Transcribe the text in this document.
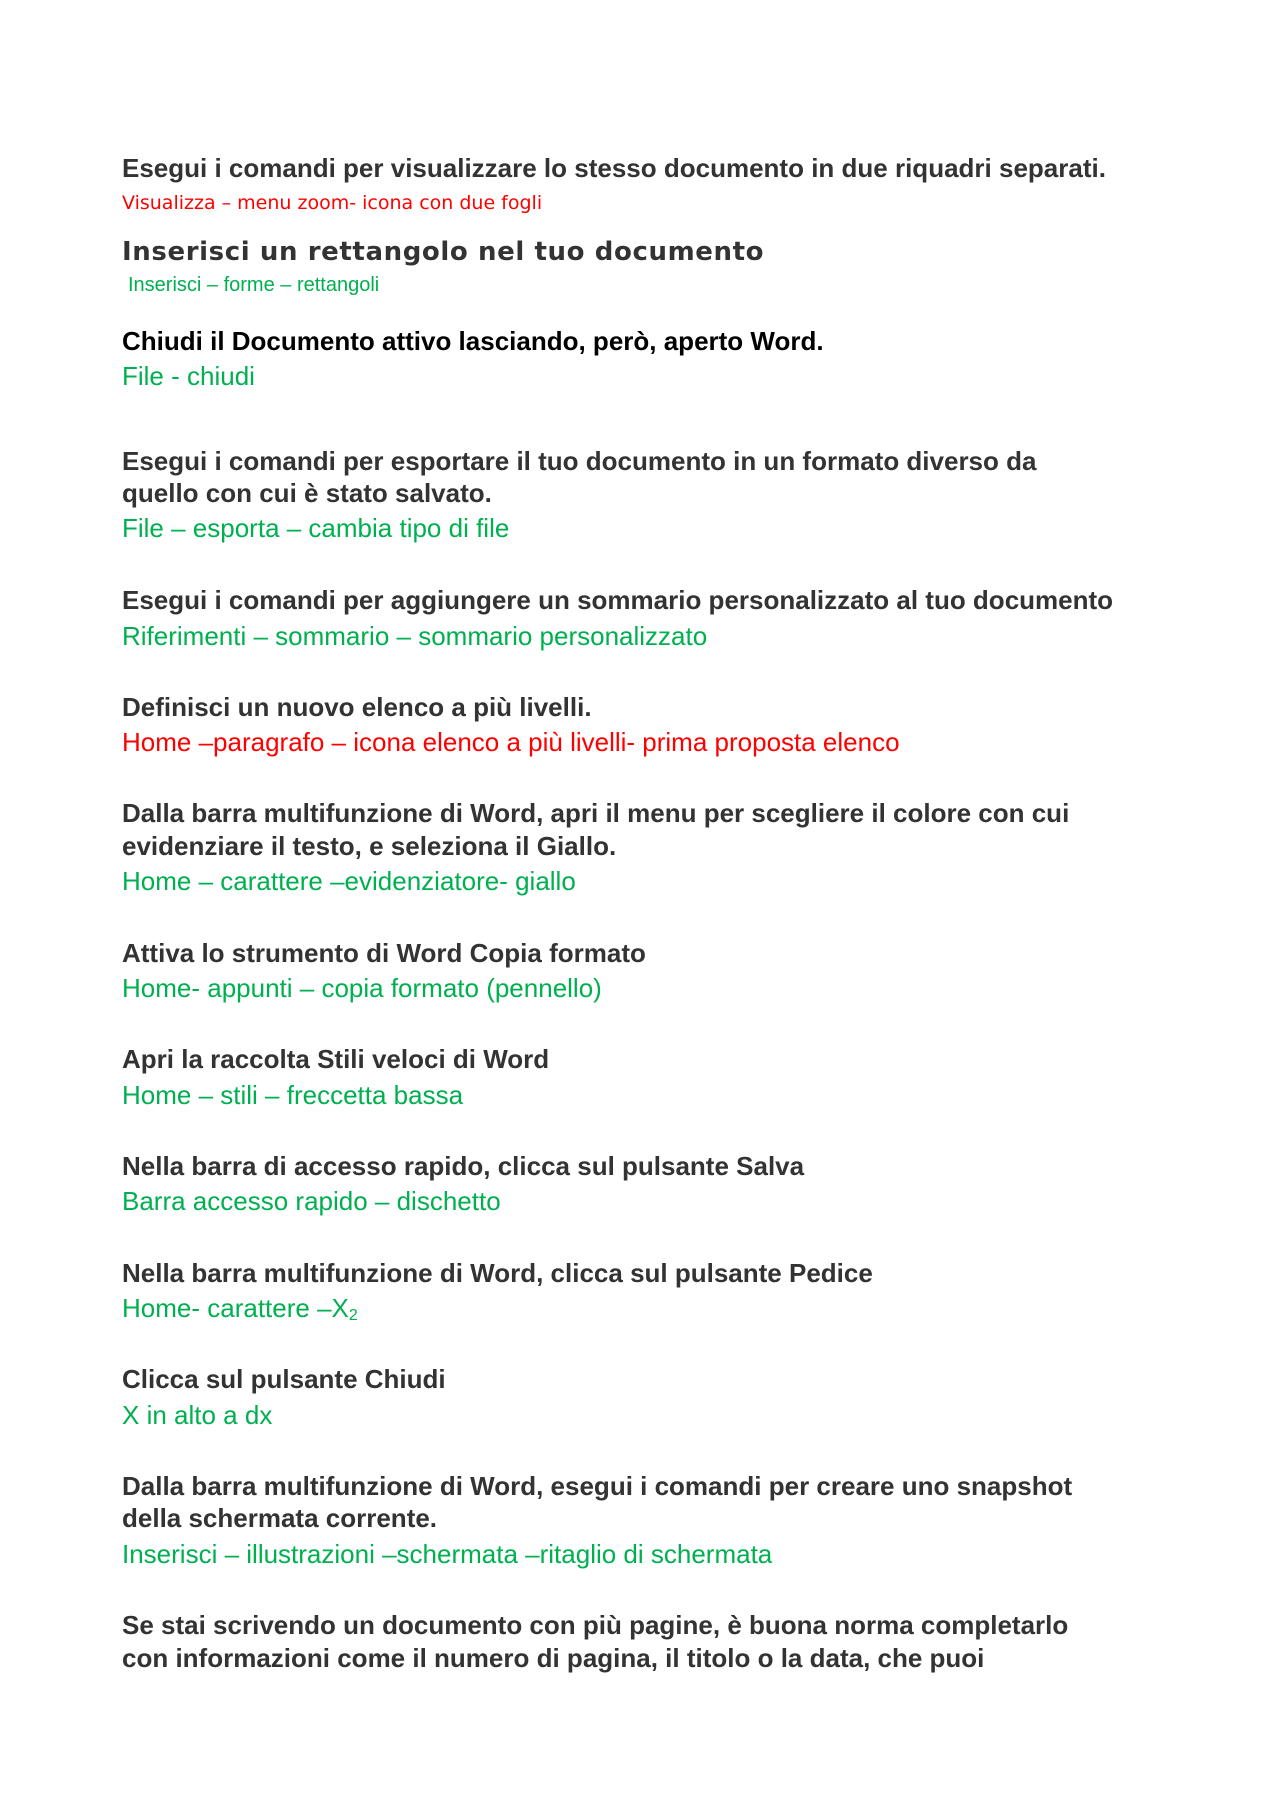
Esegui i comandi per visualizzare lo stesso documento in due riquadri separati.
Visualizza – menu zoom- icona con due fogli
Inserisci un rettangolo nel tuo documento
Inserisci – forme – rettangoli
Chiudi il Documento attivo lasciando, però, aperto Word.
File - chiudi
Esegui i comandi per esportare il tuo documento in un formato diverso da
quello con cui è stato salvato.
File – esporta – cambia tipo di file
Esegui i comandi per aggiungere un sommario personalizzato al tuo documento
Riferimenti – sommario – sommario personalizzato
Definisci un nuovo elenco a più livelli.
Home –paragrafo – icona elenco a più livelli- prima proposta elenco
Dalla barra multifunzione di Word, apri il menu per scegliere il colore con cui
evidenziare il testo, e seleziona il Giallo.
Home – carattere –evidenziatore- giallo
Attiva lo strumento di Word Copia formato
Home- appunti – copia formato (pennello)
Apri la raccolta Stili veloci di Word
Home – stili – freccetta bassa
Nella barra di accesso rapido, clicca sul pulsante Salva
Barra accesso rapido – dischetto
Nella barra multifunzione di Word, clicca sul pulsante Pedice
Home- carattere –X2
Clicca sul pulsante Chiudi
X in alto a dx
Dalla barra multifunzione di Word, esegui i comandi per creare uno snapshot
della schermata corrente.
Inserisci – illustrazioni –schermata –ritaglio di schermata
Se stai scrivendo un documento con più pagine, è buona norma completarlo
con informazioni come il numero di pagina, il titolo o la data, che puoi
